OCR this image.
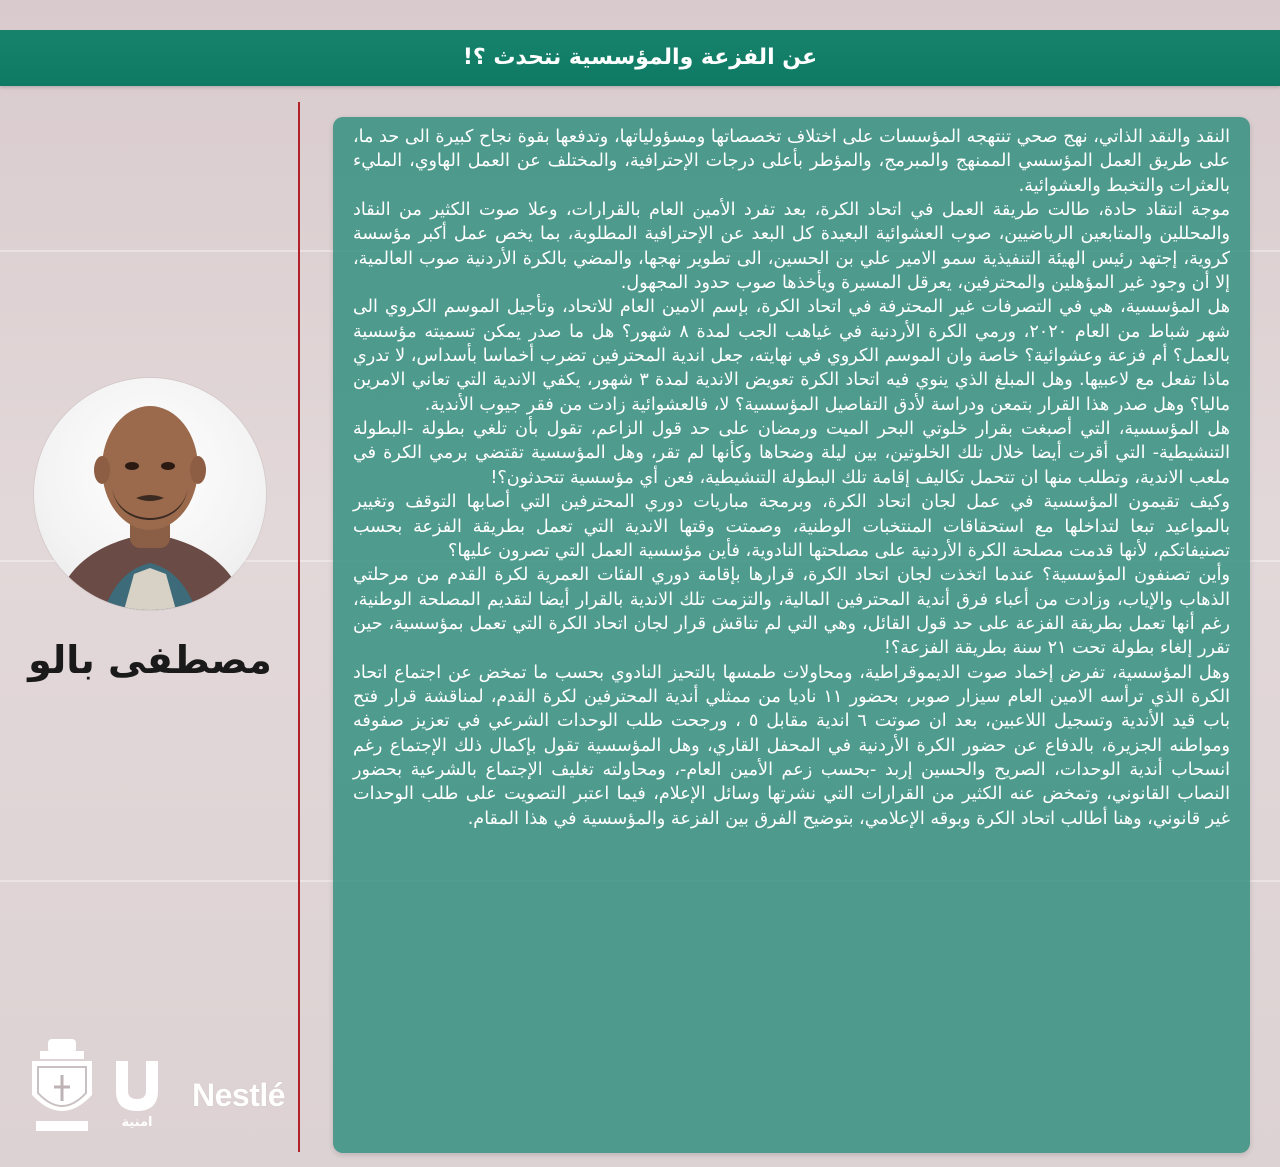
عن الفزعة والمؤسسية نتحدث ؟!
مصطفى بالو

النقد والنقد الذاتي، نهج صحي تنتهجه المؤسسات على اختلاف تخصصاتها ومسؤولياتها، وتدفعها بقوة نجاح كبيرة الى حد ما، على طريق العمل المؤسسي الممنهج والمبرمج، والمؤطر بأعلى درجات الإحترافية، والمختلف عن العمل الهاوي، المليء بالعثرات والتخبط والعشوائية.

موجة انتقاد حادة، طالت طريقة العمل في اتحاد الكرة، بعد تفرد الأمين العام بالقرارات، وعلا صوت الكثير من النقاد والمحللين والمتابعين الرياضيين، صوب العشوائية البعيدة كل البعد عن الإحترافية المطلوبة، بما يخص عمل أكبر مؤسسة كروية، إجتهد رئيس الهيئة التنفيذية سمو الامير علي بن الحسين، الى تطوير نهجها، والمضي بالكرة الأردنية صوب العالمية، إلا أن وجود غير المؤهلين والمحترفين، يعرقل المسيرة ويأخذها صوب حدود المجهول.

هل المؤسسية، هي في التصرفات غير المحترفة في اتحاد الكرة، بإسم الامين العام للاتحاد، وتأجيل الموسم الكروي الى شهر شباط من العام ٢٠٢٠، ورمي الكرة الأردنية في غياهب الجب لمدة ٨ شهور؟ هل ما صدر يمكن تسميته مؤسسية بالعمل؟ أم فزعة وعشوائية؟ خاصة وان الموسم الكروي في نهايته، جعل اندية المحترفين تضرب أخماسا بأسداس، لا تدري ماذا تفعل مع لاعبيها. وهل المبلغ الذي ينوي فيه اتحاد الكرة تعويض الاندية لمدة ٣ شهور، يكفي الاندية التي تعاني الامرين ماليا؟ وهل صدر هذا القرار بتمعن ودراسة لأدق التفاصيل المؤسسية؟ لا، فالعشوائية زادت من فقر جيوب الأندية.

هل المؤسسية، التي أصبغت بقرار خلوتي البحر الميت ورمضان على حد قول الزاعم، تقول بأن تلغي بطولة -البطولة التنشيطية- التي أقرت أيضا خلال تلك الخلوتين، بين ليلة وضحاها وكأنها لم تقر، وهل المؤسسية تقتضي برمي الكرة في ملعب الاندية، وتطلب منها ان تتحمل تكاليف إقامة تلك البطولة التنشيطية، فعن أي مؤسسية تتحدثون؟!

وكيف تقيمون المؤسسية في عمل لجان اتحاد الكرة، وبرمجة مباريات دوري المحترفين التي أصابها التوقف وتغيير بالمواعيد تبعا لتداخلها مع استحقاقات المنتخبات الوطنية، وصمتت وقتها الاندية التي تعمل بطريقة الفزعة بحسب تصنيفاتكم، لأنها قدمت مصلحة الكرة الأردنية على مصلحتها النادوية، فأين مؤسسية العمل التي تصرون عليها؟

وأين تصنفون المؤسسية؟ عندما اتخذت لجان اتحاد الكرة، قرارها بإقامة دوري الفئات العمرية لكرة القدم من مرحلتي الذهاب والإياب، وزادت من أعباء فرق أندية المحترفين المالية، والتزمت تلك الاندية بالقرار أيضا لتقديم المصلحة الوطنية، رغم أنها تعمل بطريقة الفزعة على حد قول القائل، وهي التي لم تناقش قرار لجان اتحاد الكرة التي تعمل بمؤسسية، حين تقرر إلغاء بطولة تحت ٢١ سنة بطريقة الفزعة؟!

وهل المؤسسية، تفرض إخماد صوت الديموقراطية، ومحاولات طمسها بالتحيز النادوي بحسب ما تمخض عن اجتماع اتحاد الكرة الذي ترأسه الامين العام سيزار صوبر، بحضور ١١ ناديا من ممثلي أندية المحترفين لكرة القدم، لمناقشة قرار فتح باب قيد الأندية وتسجيل اللاعبين، بعد ان صوتت ٦ اندية مقابل ٥ ، ورجحت طلب الوحدات الشرعي في تعزيز صفوفه ومواطنه الجزيرة، بالدفاع عن حضور الكرة الأردنية في المحفل القاري، وهل المؤسسية تقول بإكمال ذلك الإجتماع رغم انسحاب أندية الوحدات، الصريح والحسين إربد -بحسب زعم الأمين العام-، ومحاولته تغليف الإجتماع بالشرعية بحضور النصاب القانوني، وتمخض عنه الكثير من القرارات التي نشرتها وسائل الإعلام، فيما اعتبر التصويت على طلب الوحدات غير قانوني، وهنا أطالب اتحاد الكرة وبوقه الإعلامي، بتوضيح الفرق بين الفزعة والمؤسسية في هذا المقام.

امنية
Nestlé
